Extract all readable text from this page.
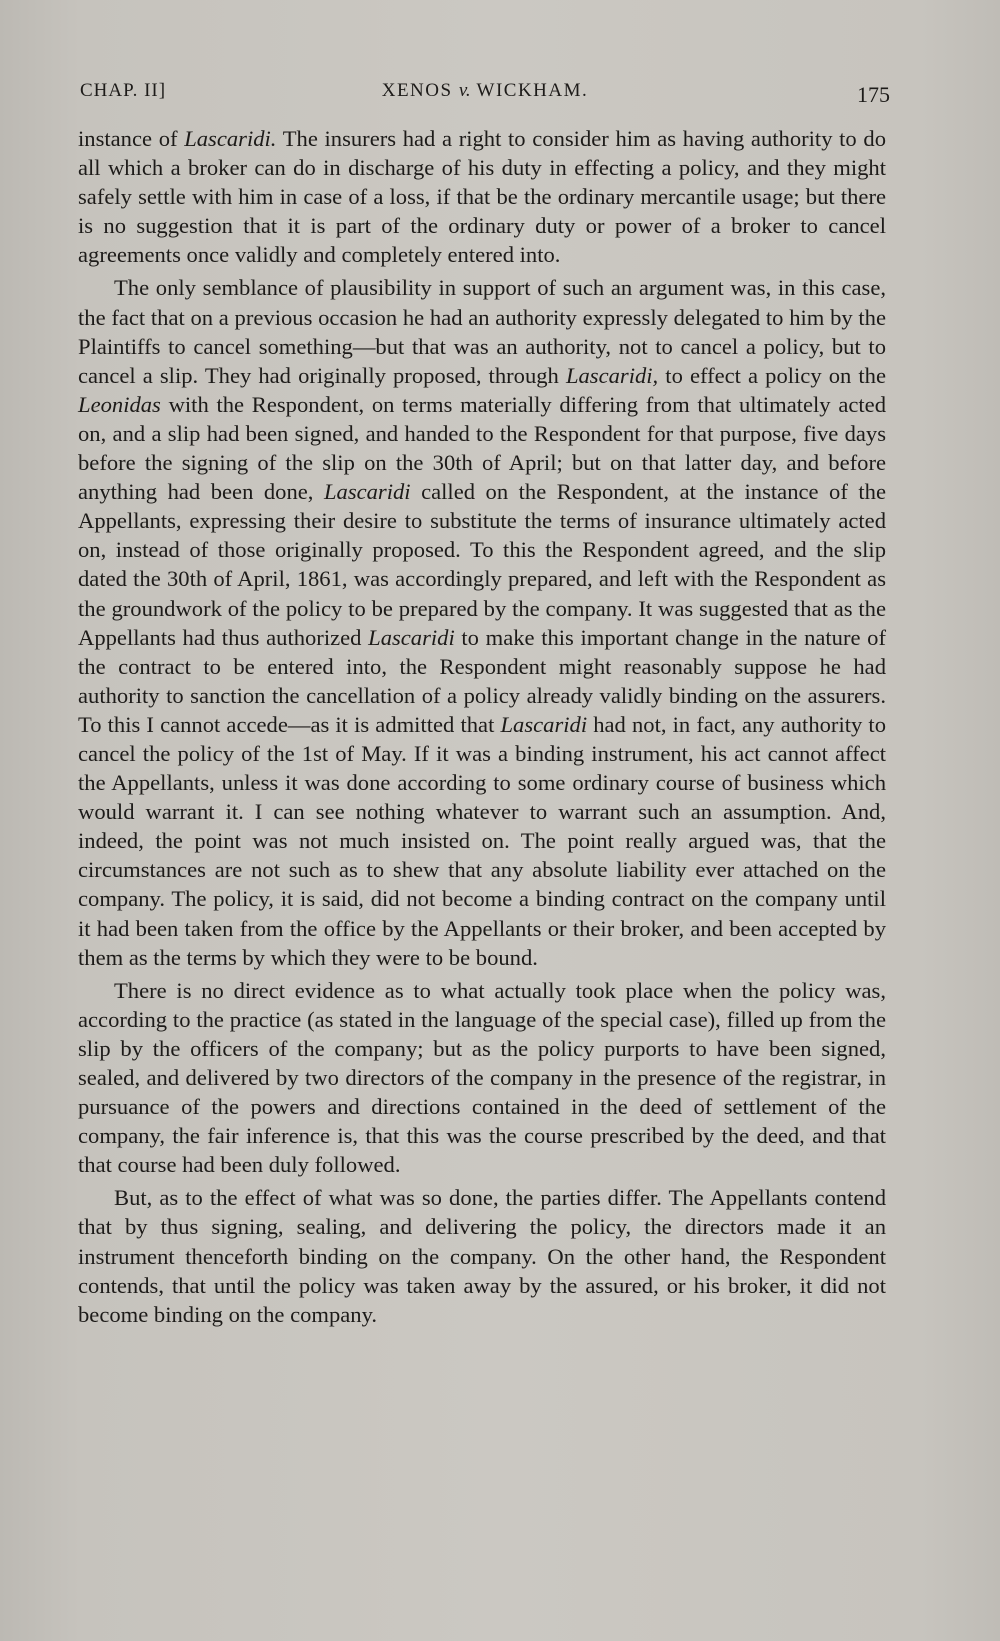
CHAP. II]	XENOS v. WICKHAM.	175

instance of Lascaridi. The insurers had a right to consider him as having authority to do all which a broker can do in discharge of his duty in effecting a policy, and they might safely settle with him in case of a loss, if that be the ordinary mercantile usage; but there is no suggestion that it is part of the ordinary duty or power of a broker to cancel agreements once validly and completely entered into.

The only semblance of plausibility in support of such an argument was, in this case, the fact that on a previous occasion he had an authority expressly delegated to him by the Plaintiffs to cancel something—but that was an authority, not to cancel a policy, but to cancel a slip. They had originally proposed, through Lascaridi, to effect a policy on the Leonidas with the Respondent, on terms materially differing from that ultimately acted on, and a slip had been signed, and handed to the Respondent for that purpose, five days before the signing of the slip on the 30th of April; but on that latter day, and before anything had been done, Lascaridi called on the Respondent, at the instance of the Appellants, expressing their desire to substitute the terms of insurance ultimately acted on, instead of those originally proposed. To this the Respondent agreed, and the slip dated the 30th of April, 1861, was accordingly prepared, and left with the Respondent as the groundwork of the policy to be prepared by the company. It was suggested that as the Appellants had thus authorized Lascaridi to make this important change in the nature of the contract to be entered into, the Respondent might reasonably suppose he had authority to sanction the cancellation of a policy already validly binding on the assurers. To this I cannot accede—as it is admitted that Lascaridi had not, in fact, any authority to cancel the policy of the 1st of May. If it was a binding instrument, his act cannot affect the Appellants, unless it was done according to some ordinary course of business which would warrant it. I can see nothing whatever to warrant such an assumption. And, indeed, the point was not much insisted on. The point really argued was, that the circumstances are not such as to shew that any absolute liability ever attached on the company. The policy, it is said, did not become a binding contract on the company until it had been taken from the office by the Appellants or their broker, and been accepted by them as the terms by which they were to be bound.

There is no direct evidence as to what actually took place when the policy was, according to the practice (as stated in the language of the special case), filled up from the slip by the officers of the company; but as the policy purports to have been signed, sealed, and delivered by two directors of the company in the presence of the registrar, in pursuance of the powers and directions contained in the deed of settlement of the company, the fair inference is, that this was the course prescribed by the deed, and that that course had been duly followed.

But, as to the effect of what was so done, the parties differ. The Appellants contend that by thus signing, sealing, and delivering the policy, the directors made it an instrument thenceforth binding on the company. On the other hand, the Respondent contends, that until the policy was taken away by the assured, or his broker, it did not become binding on the company.
